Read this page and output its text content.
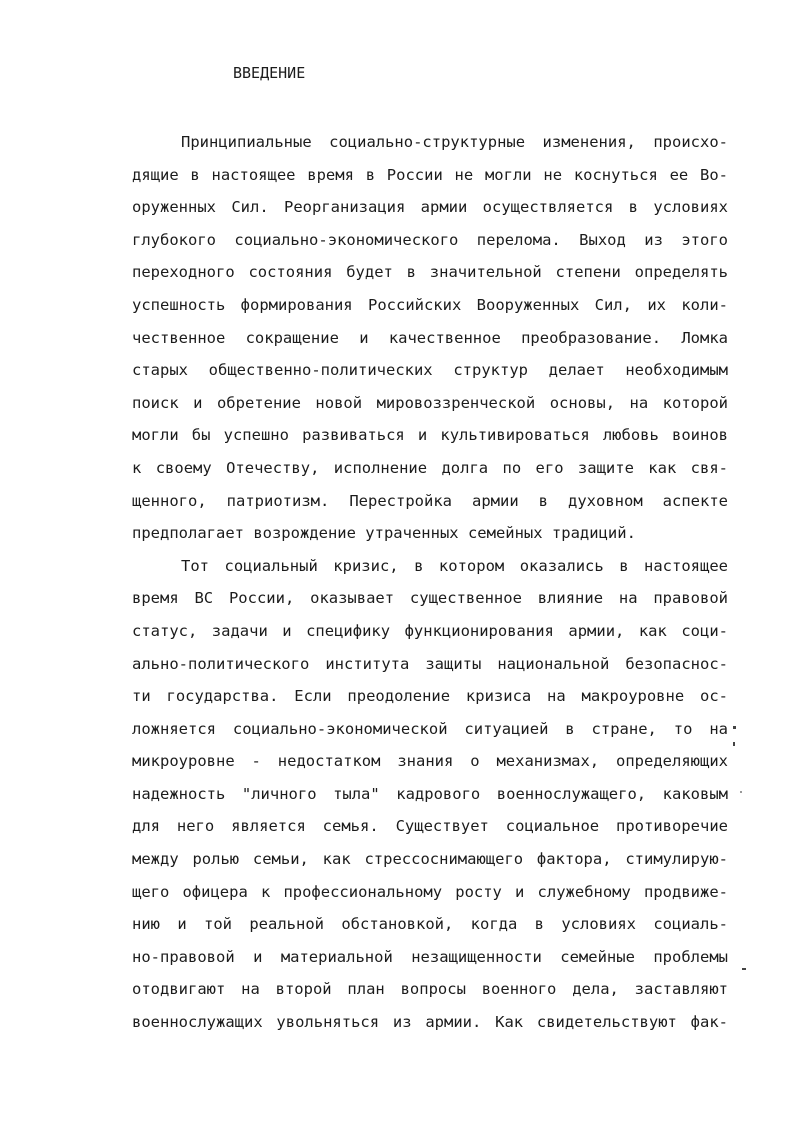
ВВЕДЕНИЕ
Принципиальные социально-структурные изменения, происхо-
дящие в настоящее время в России не могли не коснуться ее Во-
оруженных Сил. Реорганизация армии осуществляется в условиях
глубокого социально-экономического перелома. Выход из этого
переходного состояния будет в значительной степени определять
успешность формирования Российских Вооруженных Сил, их коли-
чественное сокращение и качественное преобразование. Ломка
старых общественно-политических структур делает необходимым
поиск и обретение новой мировоззренческой основы, на которой
могли бы успешно развиваться и культивироваться любовь воинов
к своему Отечеству, исполнение долга по его защите как свя-
щенного, патриотизм. Перестройка армии в духовном аспекте
предполагает возрождение утраченных семейных традиций.
Тот социальный кризис, в котором оказались в настоящее
время ВС России, оказывает существенное влияние на правовой
статус, задачи и специфику функционирования армии, как соци-
ально-политического института защиты национальной безопаснос-
ти государства. Если преодоление кризиса на макроуровне ос-
ложняется социально-экономической ситуацией в стране, то на
микроуровне - недостатком знания о механизмах, определяющих
надежность "личного тыла" кадрового военнослужащего, каковым
для него является семья. Существует социальное противоречие
между ролью семьи, как стрессоснимающего фактора, стимулирую-
щего офицера к профессиональному росту и служебному продвиже-
нию и той реальной обстановкой, когда в условиях социаль-
но-правовой и материальной незащищенности семейные проблемы
отодвигают на второй план вопросы военного дела, заставляют
военнослужащих увольняться из армии. Как свидетельствуют фак-
